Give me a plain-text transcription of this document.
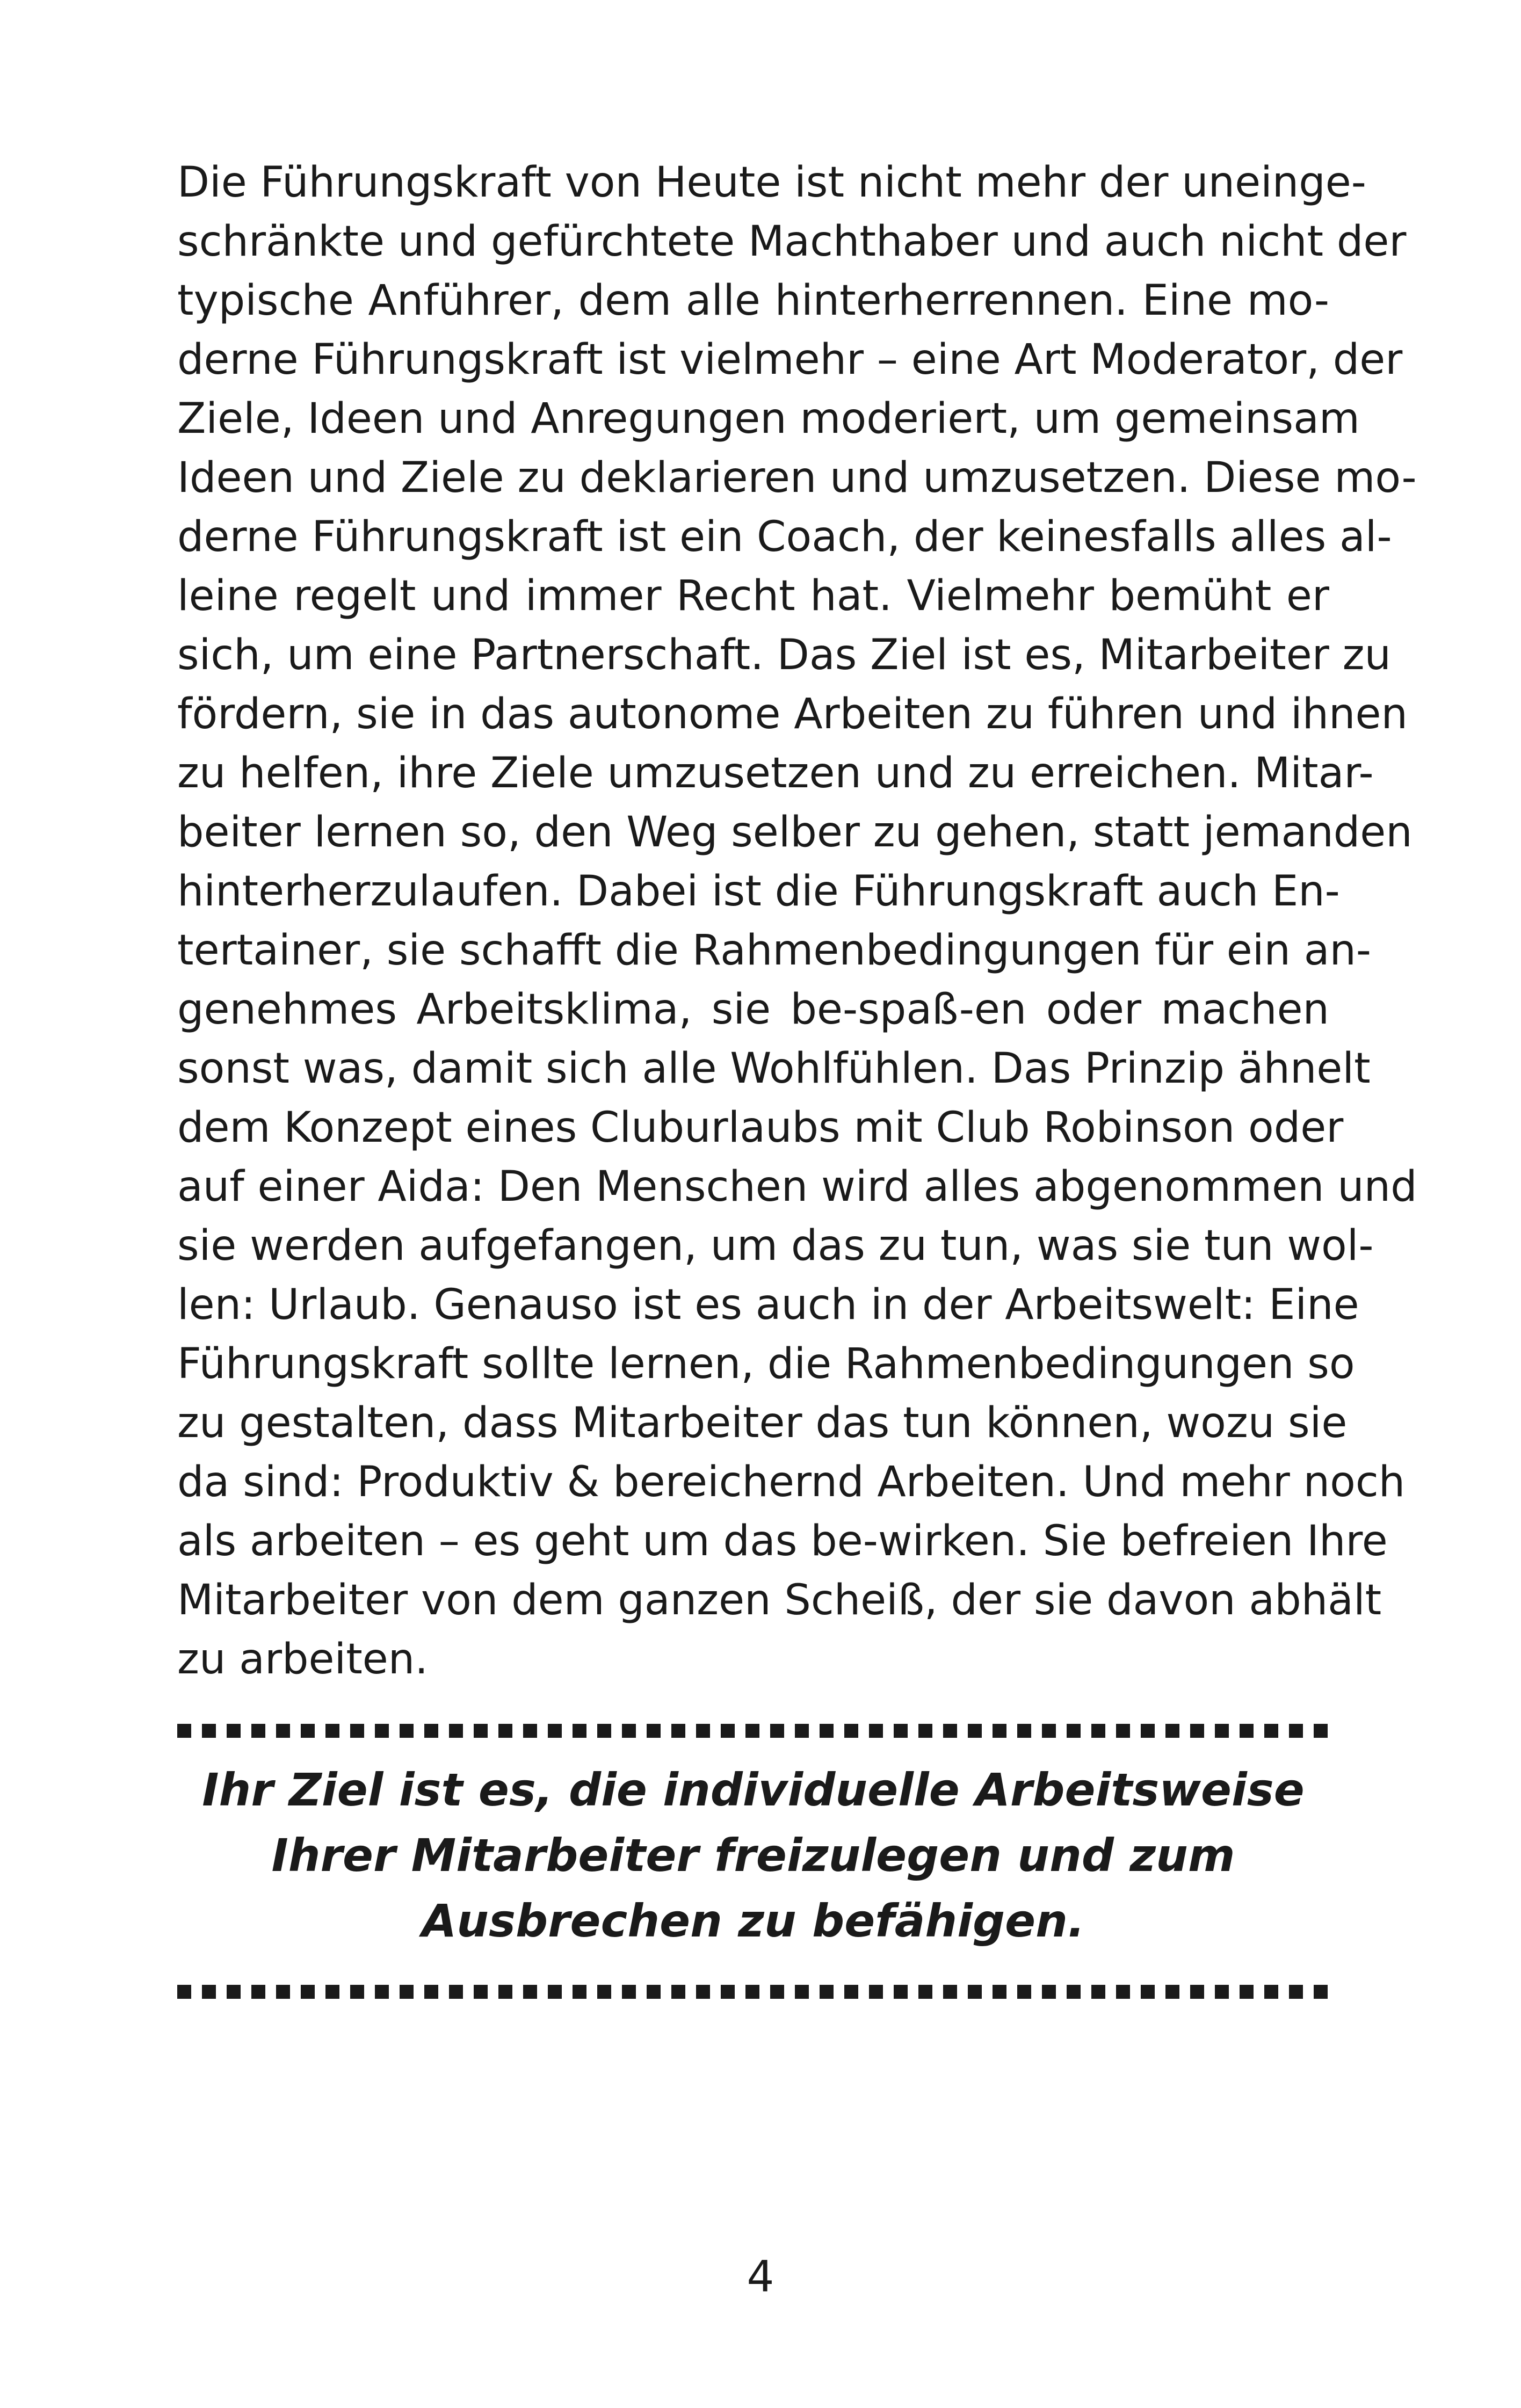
Die Führungskraft von Heute ist nicht mehr der uneinge-
schränkte und gefürchtete Machthaber und auch nicht der
typische Anführer, dem alle hinterherrennen. Eine mo-
derne Führungskraft ist vielmehr – eine Art Moderator, der
Ziele, Ideen und Anregungen moderiert, um gemeinsam
Ideen und Ziele zu deklarieren und umzusetzen. Diese mo-
derne Führungskraft ist ein Coach, der keinesfalls alles al-
leine regelt und immer Recht hat. Vielmehr bemüht er
sich, um eine Partnerschaft. Das Ziel ist es, Mitarbeiter zu
fördern, sie in das autonome Arbeiten zu führen und ihnen
zu helfen, ihre Ziele umzusetzen und zu erreichen. Mitar-
beiter lernen so, den Weg selber zu gehen, statt jemanden
hinterherzulaufen. Dabei ist die Führungskraft auch En-
tertainer, sie schafft die Rahmenbedingungen für ein an-
genehmes Arbeitsklima, sie be-spaß-en oder machen
sonst was, damit sich alle Wohlfühlen. Das Prinzip ähnelt
dem Konzept eines Cluburlaubs mit Club Robinson oder
auf einer Aida: Den Menschen wird alles abgenommen und
sie werden aufgefangen, um das zu tun, was sie tun wol-
len: Urlaub. Genauso ist es auch in der Arbeitswelt: Eine
Führungskraft sollte lernen, die Rahmenbedingungen so
zu gestalten, dass Mitarbeiter das tun können, wozu sie
da sind: Produktiv & bereichernd Arbeiten. Und mehr noch
als arbeiten – es geht um das be-wirken. Sie befreien Ihre
Mitarbeiter von dem ganzen Scheiß, der sie davon abhält
zu arbeiten.
Ihr Ziel ist es, die individuelle Arbeitsweise
Ihrer Mitarbeiter freizulegen und zum
Ausbrechen zu befähigen.
4
